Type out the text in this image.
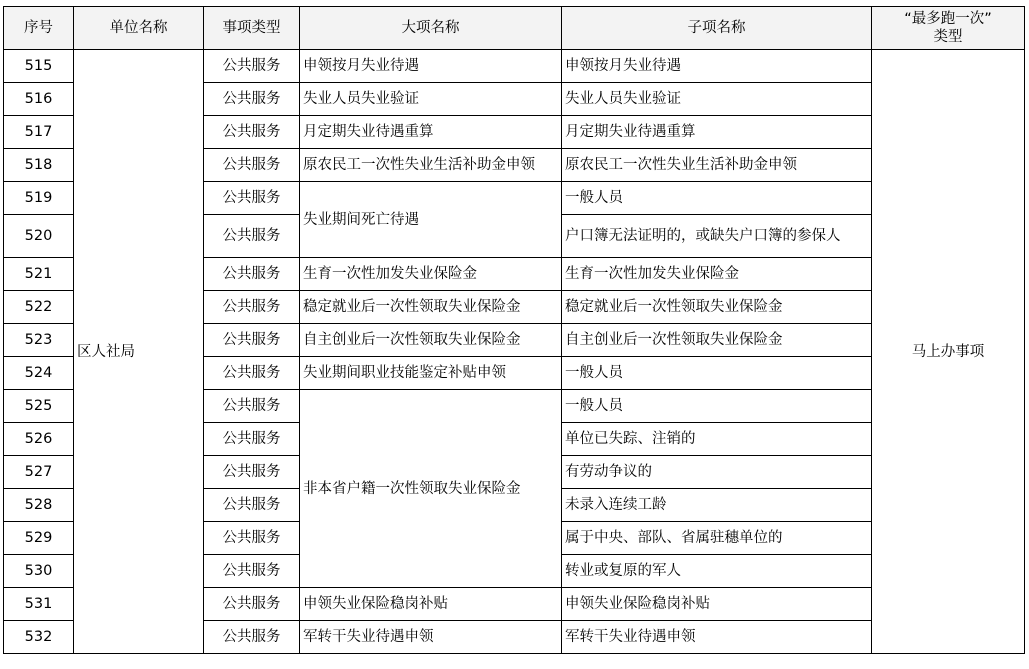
序号	单位名称	事项类型	大项名称	子项名称	“最多跑一次”
类型

515	区人社局	公共服务	申领按月失业待遇	申领按月失业待遇	马上办事项
516		公共服务	失业人员失业验证	失业人员失业验证	
517		公共服务	月定期失业待遇重算	月定期失业待遇重算	
518		公共服务	原农民工一次性失业生活补助金申领	原农民工一次性失业生活补助金申领	
519		公共服务	失业期间死亡待遇	一般人员	
520		公共服务		户口簿无法证明的，或缺失户口簿的参保人	
521		公共服务	生育一次性加发失业保险金	生育一次性加发失业保险金	
522		公共服务	稳定就业后一次性领取失业保险金	稳定就业后一次性领取失业保险金	
523		公共服务	自主创业后一次性领取失业保险金	自主创业后一次性领取失业保险金	
524		公共服务	失业期间职业技能鉴定补贴申领	一般人员	
525		公共服务	非本省户籍一次性领取失业保险金	一般人员	
526		公共服务		单位已失踪、注销的	
527		公共服务		有劳动争议的	
528		公共服务		未录入连续工龄	
529		公共服务		属于中央、部队、省属驻穗单位的	
530		公共服务		转业或复原的军人	
531		公共服务	申领失业保险稳岗补贴	申领失业保险稳岗补贴	
532		公共服务	军转干失业待遇申领	军转干失业待遇申领	
